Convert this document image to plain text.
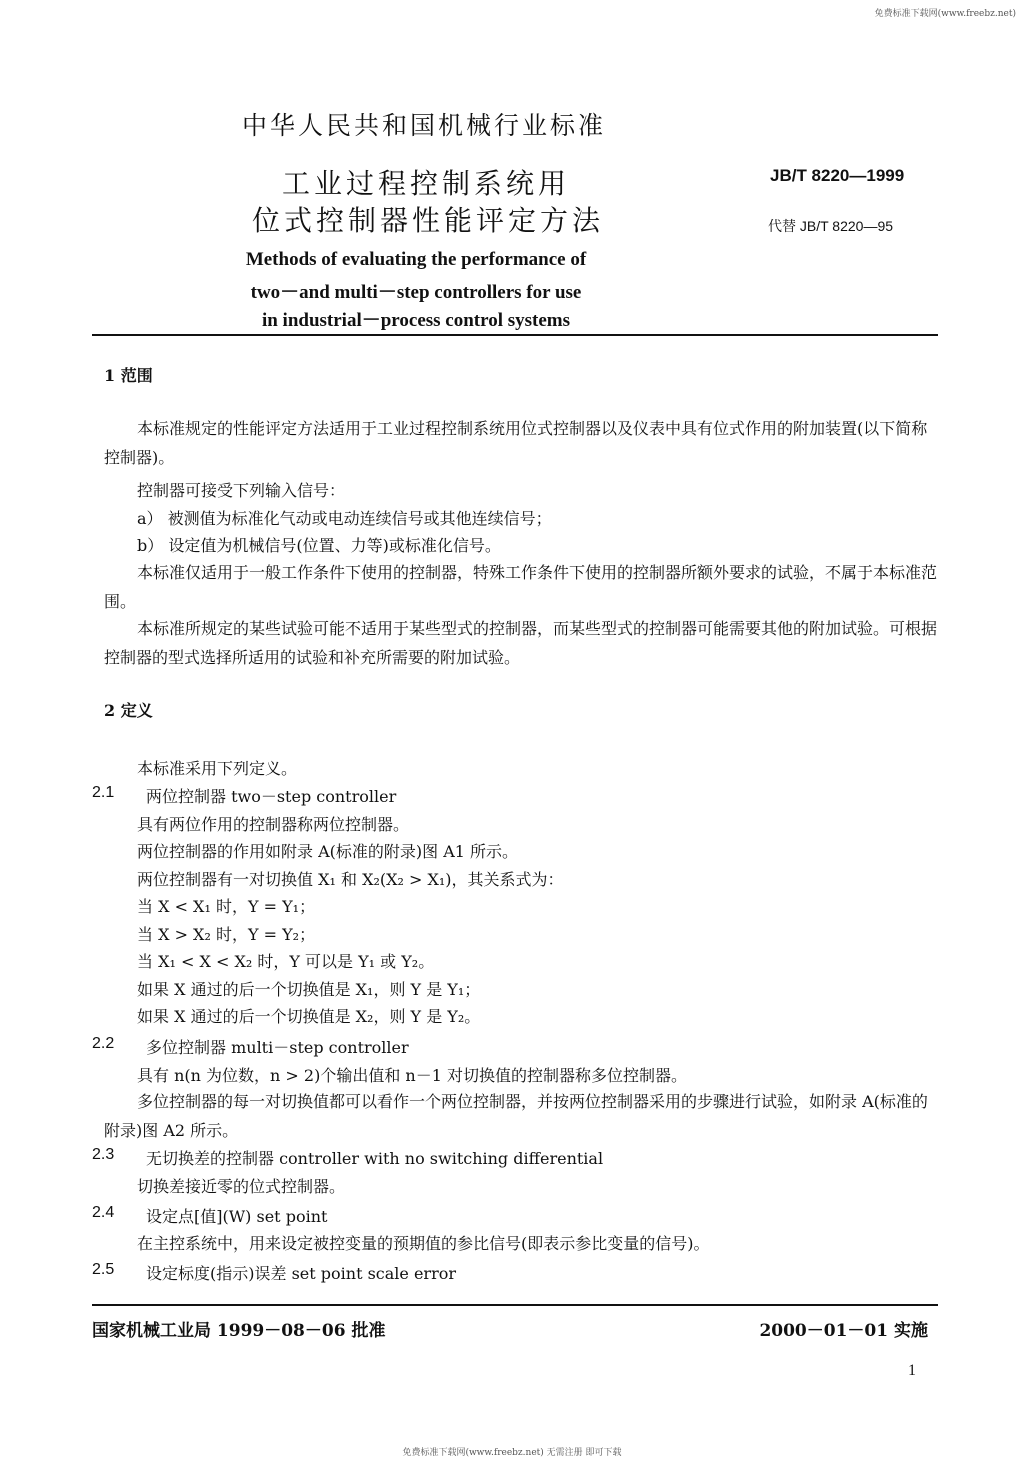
免费标准下载网(www.freebz.net)
中华人民共和国机械行业标准
工业过程控制系统用
位式控制器性能评定方法
JB/T 8220—1999
代替 JB/T 8220—95
Methods of evaluating the performance of
two－and multi－step controllers for use
in industrial－process control systems
1 范围
本标准规定的性能评定方法适用于工业过程控制系统用位式控制器以及仪表中具有位式作用的附加装置(以下简称控制器)。
控制器可接受下列输入信号：
a） 被测值为标准化气动或电动连续信号或其他连续信号；
b） 设定值为机械信号(位置、力等)或标准化信号。
本标准仅适用于一般工作条件下使用的控制器，特殊工作条件下使用的控制器所额外要求的试验，不属于本标准范围。
本标准所规定的某些试验可能不适用于某些型式的控制器，而某些型式的控制器可能需要其他的附加试验。可根据控制器的型式选择所适用的试验和补充所需要的附加试验。
2 定义
本标准采用下列定义。
2.1 两位控制器 two－step controller
具有两位作用的控制器称两位控制器。
两位控制器的作用如附录 A(标准的附录)图 A1 所示。
两位控制器有一对切换值 X₁ 和 X₂(X₂ > X₁)，其关系式为：
当 X < X₁ 时，Y = Y₁；
当 X > X₂ 时，Y = Y₂；
当 X₁ < X < X₂ 时，Y 可以是 Y₁ 或 Y₂。
如果 X 通过的后一个切换值是 X₁，则 Y 是 Y₁；
如果 X 通过的后一个切换值是 X₂，则 Y 是 Y₂。
2.2 多位控制器 multi－step controller
具有 n(n 为位数，n > 2)个输出值和 n－1 对切换值的控制器称多位控制器。
多位控制器的每一对切换值都可以看作一个两位控制器，并按两位控制器采用的步骤进行试验，如附录 A(标准的附录)图 A2 所示。
2.3 无切换差的控制器 controller with no switching differential
切换差接近零的位式控制器。
2.4 设定点[值](W) set point
在主控系统中，用来设定被控变量的预期值的参比信号(即表示参比变量的信号)。
2.5 设定标度(指示)误差 set point scale error
国家机械工业局 1999－08－06 批准	2000－01－01 实施
1
免费标准下载网(www.freebz.net) 无需注册 即可下载
